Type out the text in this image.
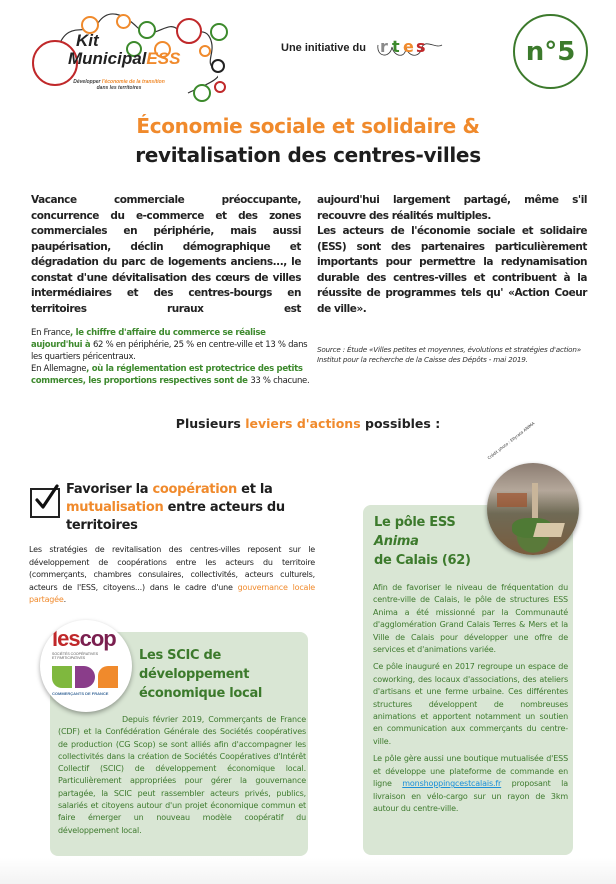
Kit
MunicipalESS
Développer l'économie de la transition
dans les territoires
Une initiative du r t e s	n°5
Économie sociale et solidaire &
revitalisation des centres-villes
Vacance commerciale préoccupante, concurrence du e-commerce et des zones commerciales en périphérie, mais aussi paupérisation, déclin démographique et dégradation du parc de logements anciens..., le constat d'une dévitalisation des cœurs de villes intermédiaires et des centres-bourgs en territoires ruraux est

aujourd'hui largement partagé, même s'il recouvre des réalités multiples.

Les acteurs de l'économie sociale et solidaire (ESS) sont des partenaires particulièrement importants pour permettre la redynamisation durable des centres-villes et contribuent à la réussite de programmes tels qu' «Action Coeur de ville».

En France, le chiffre d'affaire du commerce se réalise aujourd'hui à 62 % en périphérie, 25 % en centre-ville et 13 % dans les quartiers péricentraux.
En Allemagne, où la réglementation est protectrice des petits commerces, les proportions respectives sont de 33 % chacune.
Source : Étude «Villes petites et moyennes, évolutions et stratégies d'action»
Institut pour la recherche de la Caisse des Dépôts - mai 2019.
Plusieurs leviers d'actions possibles :
Favoriser la coopération et la mutualisation entre acteurs du territoires
Les stratégies de revitalisation des centres-villes reposent sur le développement de coopérations entre les acteurs du territoire (commerçants, chambres consulaires, collectivités, acteurs culturels, acteurs de l'ESS, citoyens...) dans le cadre d'une gouvernance locale partagée.
lescop
SOCIÉTÉS COOPÉRATIVES ET PARTICIPATIVES
COMMERÇANTS DE FRANCE
Les SCIC de développement économique local
Depuis février 2019, Commerçants de France (CDF) et la Confédération Générale des Sociétés coopératives de production (CG Scop) se sont alliés afin d'accompagner les collectivités dans la création de Sociétés Coopératives d'Intérêt Collectif (SCIC) de développement économique local. Particulièrement appropriées pour gérer la gouvernance partagée, la SCIC peut rassembler acteurs privés, publics, salariés et citoyens autour d'un projet économique commun et faire émerger un nouveau modèle coopératif du développement local.
Le pôle ESS
Anima
de Calais (62)
Crédit photo : Ellyrata ANIMA

Afin de favoriser le niveau de fréquentation du centre-ville de Calais, le pôle de structures ESS Anima a été missionné par la Communauté d'agglomération Grand Calais Terres & Mers et la Ville de Calais pour développer une offre de services et d'animations variée.

Ce pôle inauguré en 2017 regroupe un espace de coworking, des locaux d'associations, des ateliers d'artisans et une ferme urbaine. Ces différentes structures développent de nombreuses animations et apportent notamment un soutien en communication aux commerçants du centre-ville.

Le pôle gère aussi une boutique mutualisée d'ESS et développe une plateforme de commande en ligne monshoppingcestcalais.fr proposant la livraison en vélo-cargo sur un rayon de 3km autour du centre-ville.
